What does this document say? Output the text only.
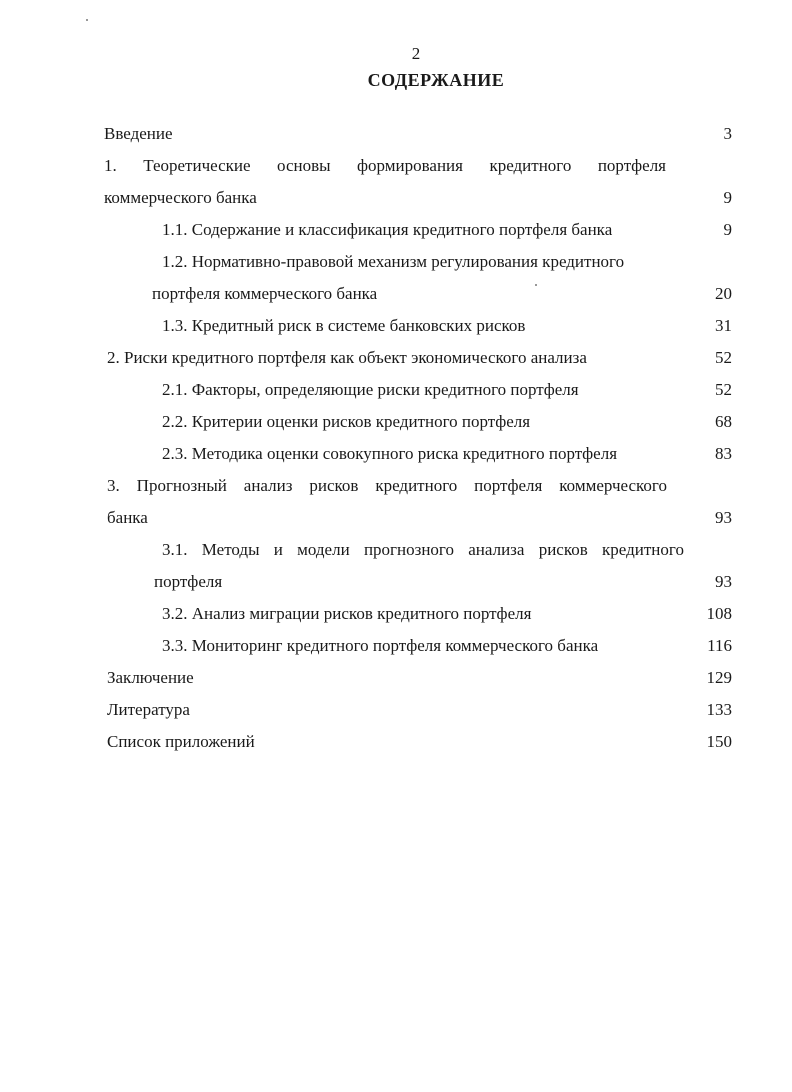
2
СОДЕРЖАНИЕ
Введение	3
1. Теоретические основы формирования кредитного портфеля
коммерческого банка	9
1.1. Содержание и классификация кредитного портфеля банка	9
1.2. Нормативно-правовой механизм регулирования кредитного
портфеля коммерческого банка	20
1.3. Кредитный риск в системе банковских рисков	31
2. Риски кредитного портфеля как объект экономического анализа	52
2.1. Факторы, определяющие риски кредитного портфеля	52
2.2. Критерии оценки рисков кредитного портфеля	68
2.3. Методика оценки совокупного риска кредитного портфеля	83
3. Прогнозный анализ рисков кредитного портфеля коммерческого
банка	93
3.1. Методы и модели прогнозного анализа рисков кредитного
портфеля	93
3.2. Анализ миграции рисков кредитного портфеля	108
3.3. Мониторинг кредитного портфеля коммерческого банка	116
Заключение	129
Литература	133
Список приложений	150
